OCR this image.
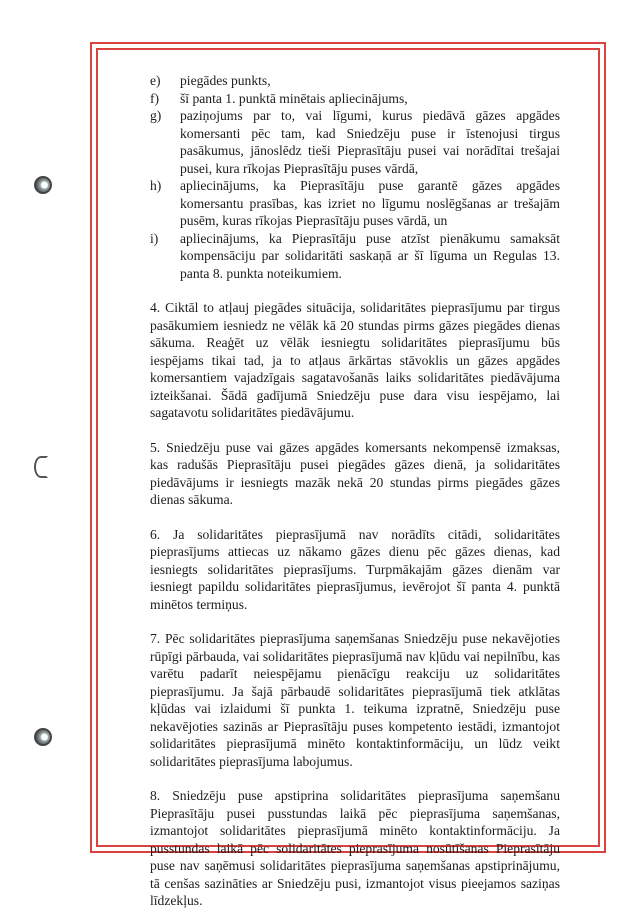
e)	piegādes punkts,
f)	šī panta 1. punktā minētais apliecinājums,
g)	paziņojums par to, vai līgumi, kurus piedāvā gāzes apgādes komersanti pēc tam, kad Sniedzēju puse ir īstenojusi tirgus pasākumus, jānoslēdz tieši Pieprasītāju pusei vai norādītai trešajai pusei, kura rīkojas Pieprasītāju puses vārdā,
h)	apliecinājums, ka Pieprasītāju puse garantē gāzes apgādes komersantu prasības, kas izriet no līgumu noslēgšanas ar trešajām pusēm, kuras rīkojas Pieprasītāju puses vārdā, un
i)	apliecinājums, ka Pieprasītāju puse atzīst pienākumu samaksāt kompensāciju par solidaritāti saskaņā ar šī līguma un Regulas 13. panta 8. punkta noteikumiem.

4. Ciktāl to atļauj piegādes situācija, solidaritātes pieprasījumu par tirgus pasākumiem iesniedz ne vēlāk kā 20 stundas pirms gāzes piegādes dienas sākuma. Reaģēt uz vēlāk iesniegtu solidaritātes pieprasījumu būs iespējams tikai tad, ja to atļaus ārkārtas stāvoklis un gāzes apgādes komersantiem vajadzīgais sagatavošanās laiks solidaritātes piedāvājuma izteikšanai. Šādā gadījumā Sniedzēju puse dara visu iespējamo, lai sagatavotu solidaritātes piedāvājumu.

5. Sniedzēju puse vai gāzes apgādes komersants nekompensē izmaksas, kas radušās Pieprasītāju pusei piegādes gāzes dienā, ja solidaritātes piedāvājums ir iesniegts mazāk nekā 20 stundas pirms piegādes gāzes dienas sākuma.

6. Ja solidaritātes pieprasījumā nav norādīts citādi, solidaritātes pieprasījums attiecas uz nākamo gāzes dienu pēc gāzes dienas, kad iesniegts solidaritātes pieprasījums. Turpmākajām gāzes dienām var iesniegt papildu solidaritātes pieprasījumus, ievērojot šī panta 4. punktā minētos termiņus.

7. Pēc solidaritātes pieprasījuma saņemšanas Sniedzēju puse nekavējoties rūpīgi pārbauda, vai solidaritātes pieprasījumā nav kļūdu vai nepilnību, kas varētu padarīt neiespējamu pienācīgu reakciju uz solidaritātes pieprasījumu. Ja šajā pārbaudē solidaritātes pieprasījumā tiek atklātas kļūdas vai izlaidumi šī punkta 1. teikuma izpratnē, Sniedzēju puse nekavējoties sazinās ar Pieprasītāju puses kompetento iestādi, izmantojot solidaritātes pieprasījumā minēto kontaktinformāciju, un lūdz veikt solidaritātes pieprasījuma labojumus.

8. Sniedzēju puse apstiprina solidaritātes pieprasījuma saņemšanu Pieprasītāju pusei pusstundas laikā pēc pieprasījuma saņemšanas, izmantojot solidaritātes pieprasījumā minēto kontaktinformāciju. Ja pusstundas laikā pēc solidaritātes pieprasījuma nosūtīšanas Pieprasītāju puse nav saņēmusi solidaritātes pieprasījuma saņemšanas apstiprinājumu, tā cenšas sazināties ar Sniedzēju pusi, izmantojot visus pieejamos saziņas līdzekļus.
